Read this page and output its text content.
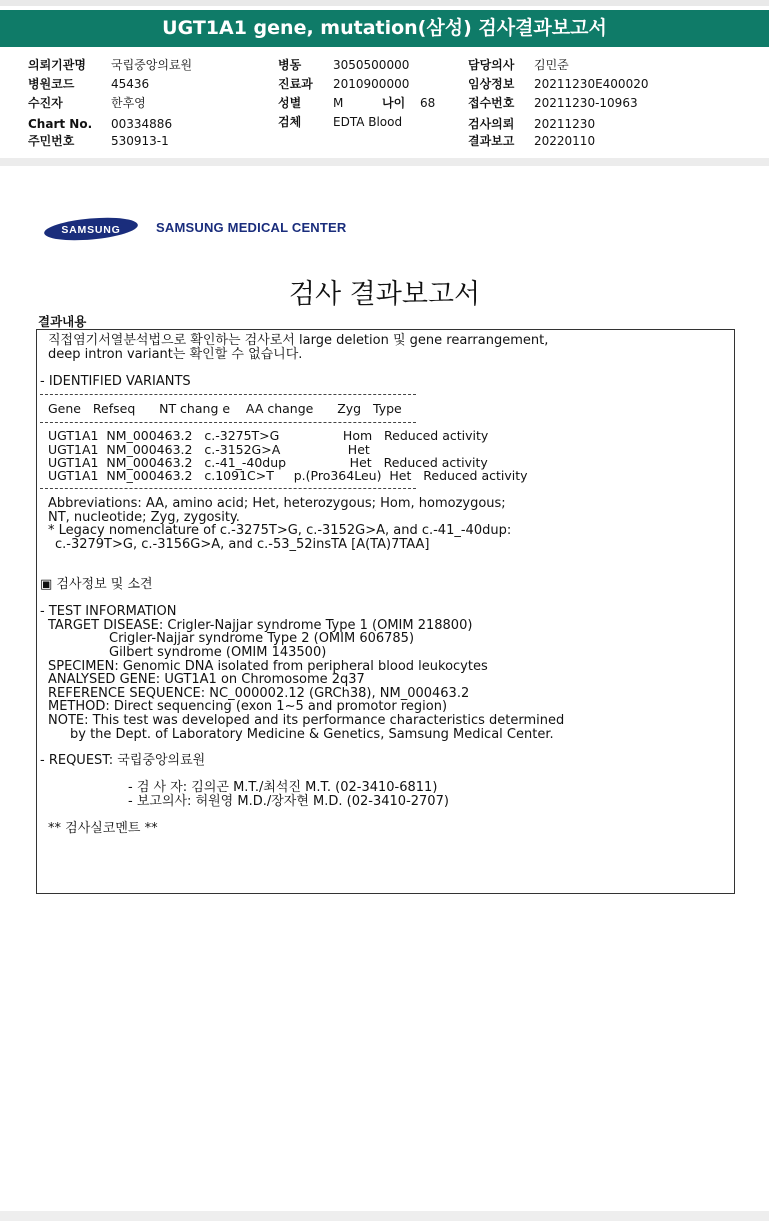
UGT1A1 gene, mutation(삼성) 검사결과보고서
의뢰기관명 국립중앙의료원
병원코드	45436
수진자	한후영
Chart No. 00334886
주민번호	530913-1
병동	3050500000
진료과 2010900000
성별	M	나이 68
검체	EDTA Blood
담당의사 김민준
임상정보 20211230E400020
접수번호 20211230-10963
검사의뢰 20211230
결과보고 20220110
SAMSUNG	SAMSUNG MEDICAL CENTER
검사 결과보고서
결과내용
직접염기서열분석법으로 확인하는 검사로서 large deletion 및 gene rearrangement,
deep intron variant는 확인할 수 없습니다.
- IDENTIFIED VARIANTS
Gene   Refseq      NT chang e    AA change      Zyg   Type
UGT1A1  NM_000463.2   c.-3275T>G                Hom   Reduced activity
UGT1A1  NM_000463.2   c.-3152G>A                 Het
UGT1A1  NM_000463.2   c.-41_-40dup                Het   Reduced activity
UGT1A1  NM_000463.2   c.1091C>T     p.(Pro364Leu)  Het   Reduced activity
Abbreviations: AA, amino acid; Het, heterozygous; Hom, homozygous;
NT, nucleotide; Zyg, zygosity.
* Legacy nomenclature of c.-3275T>G, c.-3152G>A, and c.-41_-40dup:
c.-3279T>G, c.-3156G>A, and c.-53_52insTA [A(TA)7TAA]
▣ 검사정보 및 소견
- TEST INFORMATION
TARGET DISEASE: Crigler-Najjar syndrome Type 1 (OMIM 218800)
Crigler-Najjar syndrome Type 2 (OMIM 606785)
Gilbert syndrome (OMIM 143500)
SPECIMEN: Genomic DNA isolated from peripheral blood leukocytes
ANALYSED GENE: UGT1A1 on Chromosome 2q37
REFERENCE SEQUENCE: NC_000002.12 (GRCh38), NM_000463.2
METHOD: Direct sequencing (exon 1~5 and promotor region)
NOTE: This test was developed and its performance characteristics determined
by the Dept. of Laboratory Medicine & Genetics, Samsung Medical Center.
- REQUEST: 국립중앙의료원
- 검 사 자: 김의곤 M.T./최석진 M.T. (02-3410-6811)
- 보고의사: 허원영 M.D./장자현 M.D. (02-3410-2707)
** 검사실코멘트 **
